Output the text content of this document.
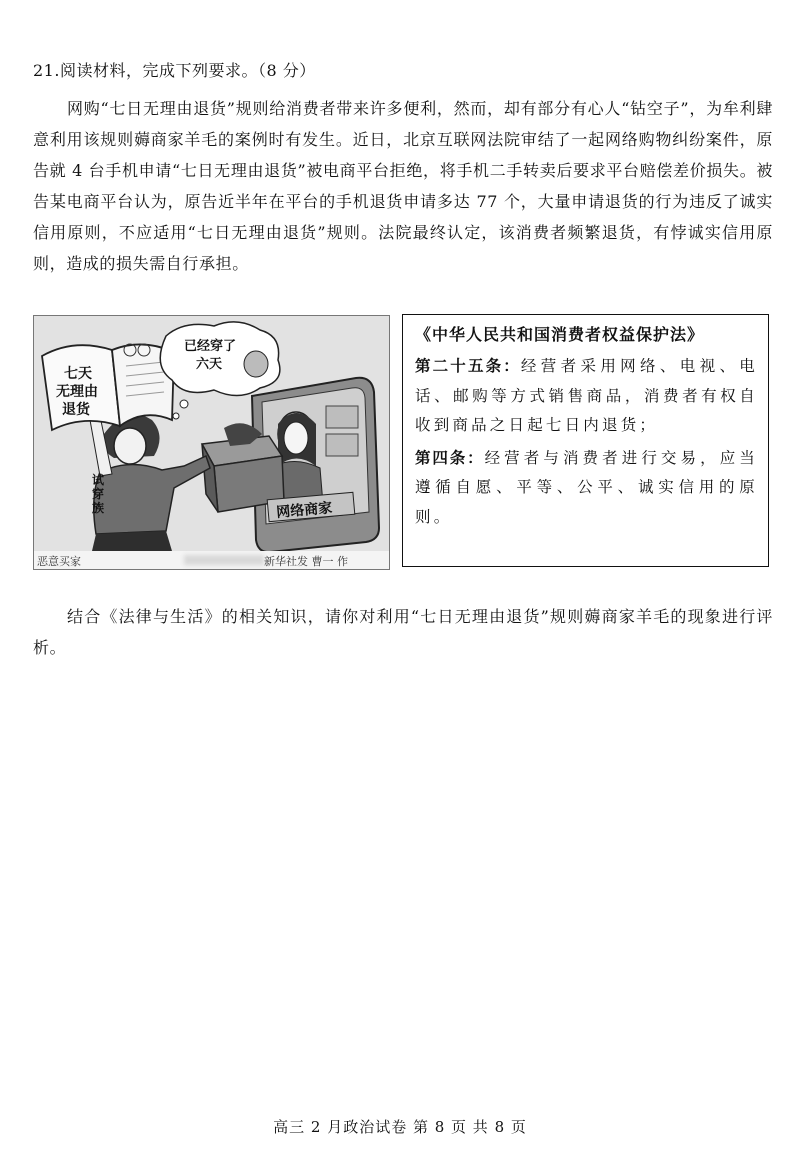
21.阅读材料，完成下列要求。（8 分）
网购“七日无理由退货”规则给消费者带来许多便利，然而，却有部分有心人“钻空子”，为牟利肆意利用该规则薅商家羊毛的案例时有发生。近日，北京互联网法院审结了一起网络购物纠纷案件，原告就 4 台手机申请“七日无理由退货”被电商平台拒绝，将手机二手转卖后要求平台赔偿差价损失。被告某电商平台认为，原告近半年在平台的手机退货申请多达 77 个，大量申请退货的行为违反了诚实信用原则，不应适用“七日无理由退货”规则。法院最终认定，该消费者频繁退货，有悖诚实信用原则，造成的损失需自行承担。
七天
无理由
退货
已经穿了
六天
试
穿
族	网络商家
恶意买家	新华社发 曹一 作
《中华人民共和国消费者权益保护法》
第二十五条：经营者采用网络、电视、电话、邮购等方式销售商品，消费者有权自收到商品之日起七日内退货；
第四条：经营者与消费者进行交易，应当遵循自愿、平等、公平、诚实信用的原则。
结合《法律与生活》的相关知识，请你对利用“七日无理由退货”规则薅商家羊毛的现象进行评析。
高三 2 月政治试卷 第 8 页 共 8 页
